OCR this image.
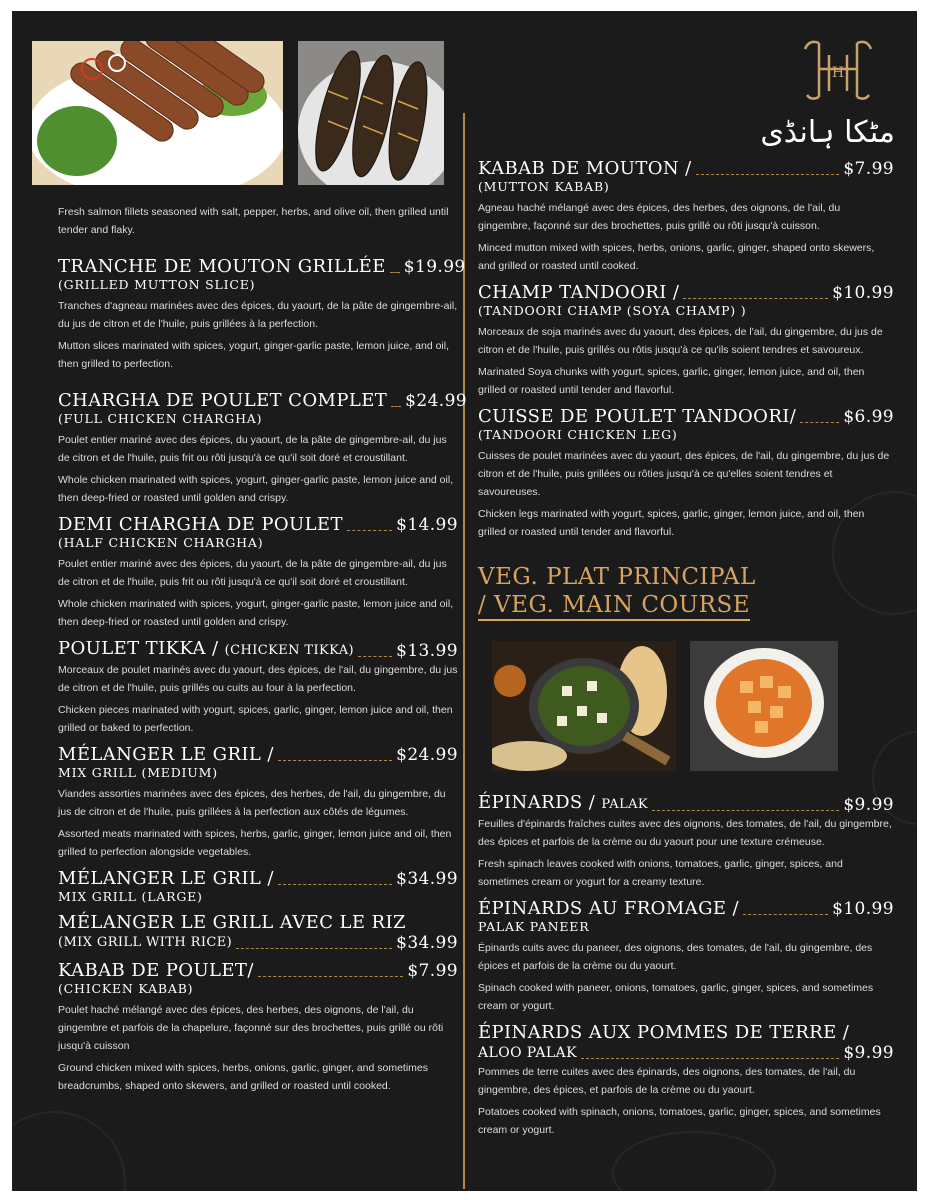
H
مٹکا ہانڈی
Fresh salmon fillets seasoned with salt, pepper, herbs, and olive oil, then grilled until tender and flaky.
TRANCHE DE MOUTON GRILLÉE $19.99
(GRILLED MUTTON SLICE)
Tranches d'agneau marinées avec des épices, du yaourt, de la pâte de gingembre-ail, du jus de citron et de l'huile, puis grillées à la perfection.
Mutton slices marinated with spices, yogurt, ginger-garlic paste, lemon juice, and oil, then grilled to perfection.
CHARGHA DE POULET COMPLET $24.99
(FULL CHICKEN CHARGHA)
Poulet entier mariné avec des épices, du yaourt, de la pâte de gingembre-ail, du jus de citron et de l'huile, puis frit ou rôti jusqu'à ce qu'il soit doré et croustillant.
Whole chicken marinated with spices, yogurt, ginger-garlic paste, lemon juice and oil, then deep-fried or roasted until golden and crispy.
DEMI CHARGHA DE POULET	$14.99
(HALF CHICKEN CHARGHA)
Poulet entier mariné avec des épices, du yaourt, de la pâte de gingembre-ail, du jus de citron et de l'huile, puis frit ou rôti jusqu'à ce qu'il soit doré et croustillant.
Whole chicken marinated with spices, yogurt, ginger-garlic paste, lemon juice and oil, then deep-fried or roasted until golden and crispy.
POULET TIKKA / (CHICKEN TIKKA) $13.99
Morceaux de poulet marinés avec du yaourt, des épices, de l'ail, du gingembre, du jus de citron et de l'huile, puis grillés ou cuits au four à la perfection.
Chicken pieces marinated with yogurt, spices, garlic, ginger, lemon juice and oil, then grilled or baked to perfection.
MÉLANGER LE GRIL /	$24.99
MIX GRILL (MEDIUM)
Viandes assorties marinées avec des épices, des herbes, de l'ail, du gingembre, du jus de citron et de l'huile, puis grillées à la perfection aux côtés de légumes.
Assorted meats marinated with spices, herbs, garlic, ginger, lemon juice and oil, then grilled to perfection alongside vegetables.
MÉLANGER LE GRIL /	$34.99
MIX GRILL (LARGE)
MÉLANGER LE GRILL AVEC LE RIZ
(MIX GRILL WITH RICE)	$34.99
KABAB DE POULET/	$7.99
(CHICKEN KABAB)
Poulet haché mélangé avec des épices, des herbes, des oignons, de l'ail, du gingembre et parfois de la chapelure, façonné sur des brochettes, puis grillé ou rôti jusqu'à cuisson
Ground chicken mixed with spices, herbs, onions, garlic, ginger, and sometimes breadcrumbs, shaped onto skewers, and grilled or roasted until cooked.
KABAB DE MOUTON /	$7.99
(MUTTON KABAB)
Agneau haché mélangé avec des épices, des herbes, des oignons, de l'ail, du gingembre, façonné sur des brochettes, puis grillé ou rôti jusqu'à cuisson.
Minced mutton mixed with spices, herbs, onions, garlic, ginger, shaped onto skewers, and grilled or roasted until cooked.
CHAMP TANDOORI /	$10.99
(TANDOORI CHAMP (SOYA CHAMP) )
Morceaux de soja marinés avec du yaourt, des épices, de l'ail, du gingembre, du jus de citron et de l'huile, puis grillés ou rôtis jusqu'à ce qu'ils soient tendres et savoureux.
Marinated Soya chunks with yogurt, spices, garlic, ginger, lemon juice, and oil, then grilled or roasted until tender and flavorful.
CUISSE DE POULET TANDOORI/	$6.99
(TANDOORI CHICKEN LEG)
Cuisses de poulet marinées avec du yaourt, des épices, de l'ail, du gingembre, du jus de citron et de l'huile, puis grillées ou rôties jusqu'à ce qu'elles soient tendres et savoureuses.
Chicken legs marinated with yogurt, spices, garlic, ginger, lemon juice, and oil, then grilled or roasted until tender and flavorful.
VEG. PLAT PRINCIPAL
/ VEG. MAIN COURSE
ÉPINARDS / PALAK	$9.99
Feuilles d'épinards fraîches cuites avec des oignons, des tomates, de l'ail, du gingembre, des épices et parfois de la crème ou du yaourt pour une texture crémeuse.
Fresh spinach leaves cooked with onions, tomatoes, garlic, ginger, spices, and sometimes cream or yogurt for a creamy texture.
ÉPINARDS AU FROMAGE /	$10.99
PALAK PANEER
Épinards cuits avec du paneer, des oignons, des tomates, de l'ail, du gingembre, des épices et parfois de la crème ou du yaourt.
Spinach cooked with paneer, onions, tomatoes, garlic, ginger, spices, and sometimes cream or yogurt.
ÉPINARDS AUX POMMES DE TERRE /
ALOO PALAK	$9.99
Pommes de terre cuites avec des épinards, des oignons, des tomates, de l'ail, du gingembre, des épices, et parfois de la crème ou du yaourt.
Potatoes cooked with spinach, onions, tomatoes, garlic, ginger, spices, and sometimes cream or yogurt.
